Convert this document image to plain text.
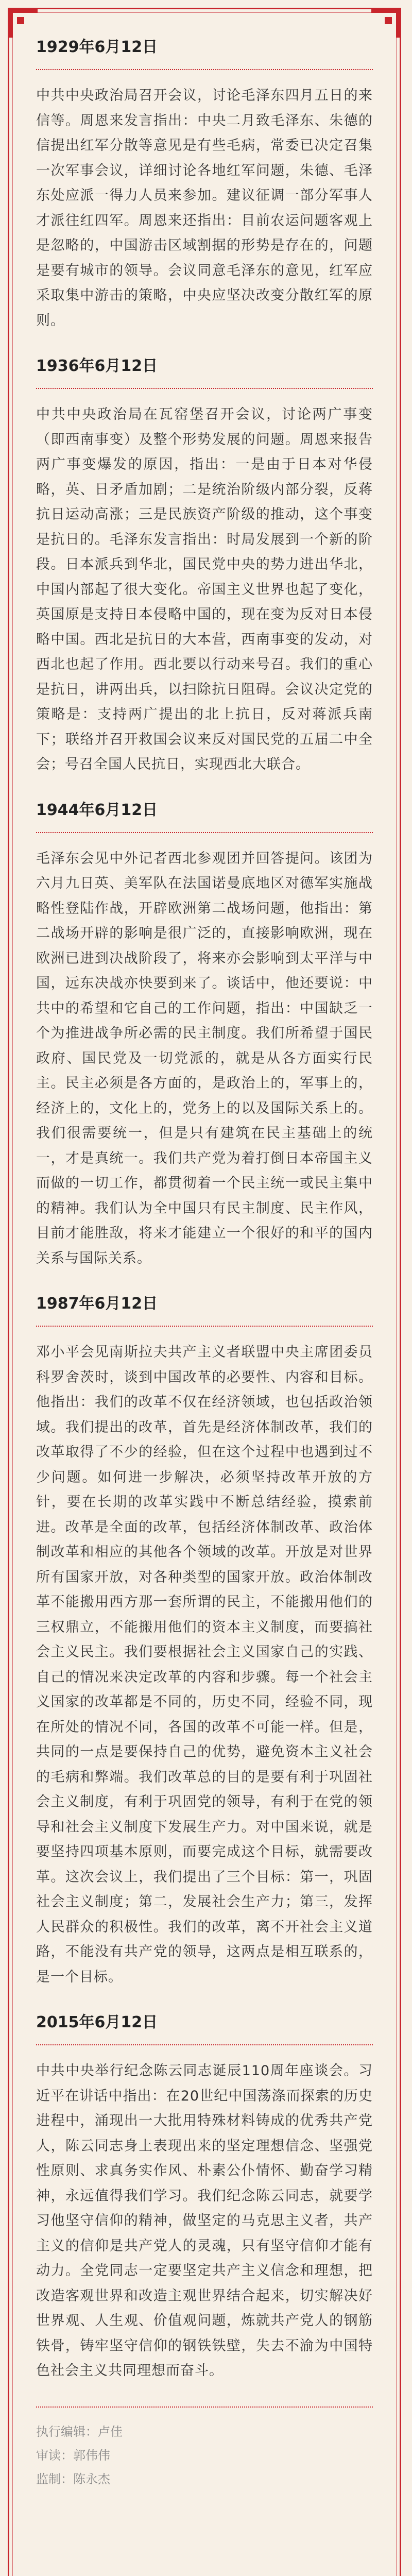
1929年6月12日

中共中央政治局召开会议，讨论毛泽东四月五日的来信等。周恩来发言指出：中央二月致毛泽东、朱德的信提出红军分散等意见是有些毛病，常委已决定召集一次军事会议，详细讨论各地红军问题，朱德、毛泽东处应派一得力人员来参加。建议征调一部分军事人才派往红四军。周恩来还指出：目前农运问题客观上是忽略的，中国游击区域割据的形势是存在的，问题是要有城市的领导。会议同意毛泽东的意见，红军应采取集中游击的策略，中央应坚决改变分散红军的原则。

1936年6月12日

中共中央政治局在瓦窑堡召开会议，讨论两广事变（即西南事变）及整个形势发展的问题。周恩来报告两广事变爆发的原因，指出：一是由于日本对华侵略，英、日矛盾加剧；二是统治阶级内部分裂，反蒋抗日运动高涨；三是民族资产阶级的推动，这个事变是抗日的。毛泽东发言指出：时局发展到一个新的阶段。日本派兵到华北，国民党中央的势力进出华北，中国内部起了很大变化。帝国主义世界也起了变化，英国原是支持日本侵略中国的，现在变为反对日本侵略中国。西北是抗日的大本营，西南事变的发动，对西北也起了作用。西北要以行动来号召。我们的重心是抗日，讲两出兵，以扫除抗日阻碍。会议决定党的策略是：支持两广提出的北上抗日，反对蒋派兵南下；联络并召开救国会议来反对国民党的五届二中全会；号召全国人民抗日，实现西北大联合。

1944年6月12日

毛泽东会见中外记者西北参观团并回答提问。该团为六月九日英、美军队在法国诺曼底地区对德军实施战略性登陆作战，开辟欧洲第二战场问题，他指出：第二战场开辟的影响是很广泛的，直接影响欧洲，现在欧洲已进到决战阶段了，将来亦会影响到太平洋与中国，远东决战亦快要到来了。谈话中，他还要说：中共中的希望和它自己的工作问题，指出：中国缺乏一个为推进战争所必需的民主制度。我们所希望于国民政府、国民党及一切党派的，就是从各方面实行民主。民主必须是各方面的，是政治上的，军事上的，经济上的，文化上的，党务上的以及国际关系上的。我们很需要统一，但是只有建筑在民主基础上的统一，才是真统一。我们共产党为着打倒日本帝国主义而做的一切工作，都贯彻着一个民主统一或民主集中的精神。我们认为全中国只有民主制度、民主作风，目前才能胜敌，将来才能建立一个很好的和平的国内关系与国际关系。

1987年6月12日

邓小平会见南斯拉夫共产主义者联盟中央主席团委员科罗舍茨时，谈到中国改革的必要性、内容和目标。他指出：我们的改革不仅在经济领域，也包括政治领域。我们提出的改革，首先是经济体制改革，我们的改革取得了不少的经验，但在这个过程中也遇到过不少问题。如何进一步解决，必须坚持改革开放的方针，要在长期的改革实践中不断总结经验，摸索前进。改革是全面的改革，包括经济体制改革、政治体制改革和相应的其他各个领域的改革。开放是对世界所有国家开放，对各种类型的国家开放。政治体制改革不能搬用西方那一套所谓的民主，不能搬用他们的三权鼎立，不能搬用他们的资本主义制度，而要搞社会主义民主。我们要根据社会主义国家自己的实践、自己的情况来决定改革的内容和步骤。每一个社会主义国家的改革都是不同的，历史不同，经验不同，现在所处的情况不同，各国的改革不可能一样。但是，共同的一点是要保持自己的优势，避免资本主义社会的毛病和弊端。我们改革总的目的是要有利于巩固社会主义制度，有利于巩固党的领导，有利于在党的领导和社会主义制度下发展生产力。对中国来说，就是要坚持四项基本原则，而要完成这个目标，就需要改革。这次会议上，我们提出了三个目标：第一，巩固社会主义制度；第二，发展社会生产力；第三，发挥人民群众的积极性。我们的改革，离不开社会主义道路，不能没有共产党的领导，这两点是相互联系的，是一个目标。

2015年6月12日

中共中央举行纪念陈云同志诞辰110周年座谈会。习近平在讲话中指出：在20世纪中国荡涤而探索的历史进程中，涌现出一大批用特殊材料铸成的优秀共产党人，陈云同志身上表现出来的坚定理想信念、坚强党性原则、求真务实作风、朴素公仆情怀、勤奋学习精神，永远值得我们学习。我们纪念陈云同志，就要学习他坚守信仰的精神，做坚定的马克思主义者，共产主义的信仰是共产党人的灵魂，只有坚守信仰才能有动力。全党同志一定要坚定共产主义信念和理想，把改造客观世界和改造主观世界结合起来，切实解决好世界观、人生观、价值观问题，炼就共产党人的钢筋铁骨，铸牢坚守信仰的钢铁铁壁，失去不渝为中国特色社会主义共同理想而奋斗。

执行编辑：卢佳
审读：郭伟伟
监制：陈永杰
